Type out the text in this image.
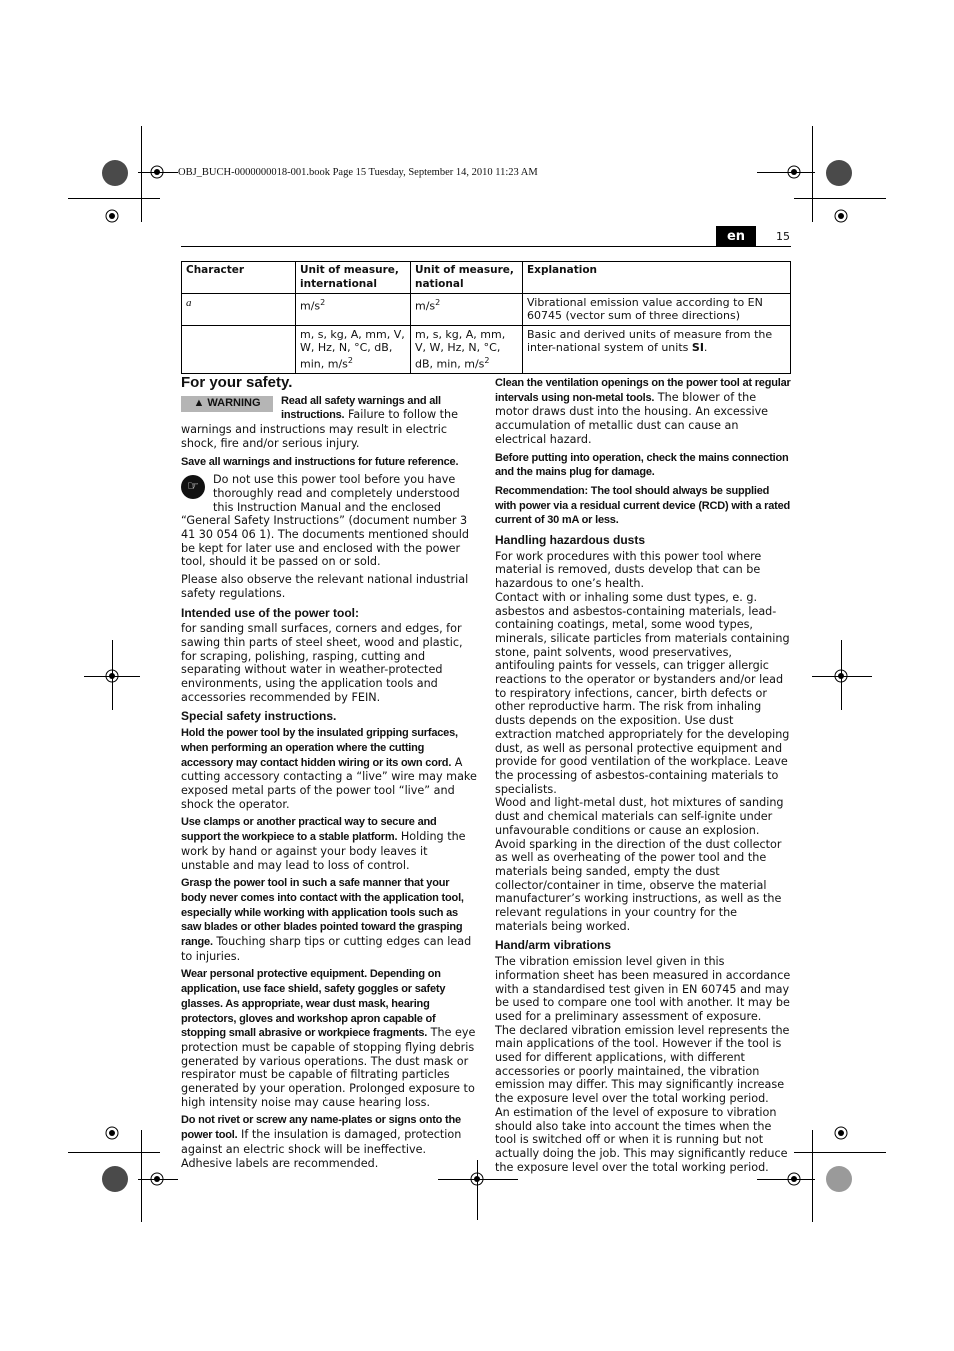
OBJ_BUCH-0000000018-001.book Page 15 Tuesday, September 14, 2010 11:23 AM
en	15
Character	Unit of measure, international	Unit of measure, national	Explanation
a	$m/s^2$	$m/s^2$	Vibrational emission value according to EN 60745 (vector sum of three directions)
	m, s, kg, A, mm, V, W, Hz, N, °C, dB, min, $m/s^2$	m, s, kg, A, mm, V, W, Hz, N, °C, dB, min, $m/s^2$	Basic and derived units of measure from the inter-national system of units SI.
For your safety.

▲ WARNING Read all safety warnings and all instructions. Failure to follow the warnings and instructions may result in electric shock, fire and/or serious injury.

Save all warnings and instructions for future reference.

☞	Do not use this power tool before you have thoroughly read and completely understood this Instruction Manual and the enclosed “General Safety Instructions” (document number 3 41 30 054 06 1). The documents mentioned should be kept for later use and enclosed with the power tool, should it be passed on or sold.

Please also observe the relevant national industrial safety regulations.

Intended use of the power tool:

for sanding small surfaces, corners and edges, for sawing thin parts of steel sheet, wood and plastic, for scraping, polishing, rasping, cutting and separating without water in weather-protected environments, using the application tools and accessories recommended by FEIN.

Special safety instructions.

Hold the power tool by the insulated gripping surfaces, when performing an operation where the cutting accessory may contact hidden wiring or its own cord. A cutting accessory contacting a “live” wire may make exposed metal parts of the power tool “live” and shock the operator.

Use clamps or another practical way to secure and support the workpiece to a stable platform. Holding the work by hand or against your body leaves it unstable and may lead to loss of control.

Grasp the power tool in such a safe manner that your body never comes into contact with the application tool, especially while working with application tools such as saw blades or other blades pointed toward the grasping range. Touching sharp tips or cutting edges can lead to injuries.

Wear personal protective equipment. Depending on application, use face shield, safety goggles or safety glasses. As appropriate, wear dust mask, hearing protectors, gloves and workshop apron capable of stopping small abrasive or workpiece fragments. The eye protection must be capable of stopping flying debris generated by various operations. The dust mask or respirator must be capable of filtrating particles generated by your operation. Prolonged exposure to high intensity noise may cause hearing loss.

Do not rivet or screw any name-plates or signs onto the power tool. If the insulation is damaged, protection against an electric shock will be ineffective. Adhesive labels are recommended.

Clean the ventilation openings on the power tool at regular intervals using non-metal tools. The blower of the motor draws dust into the housing. An excessive accumulation of metallic dust can cause an electrical hazard.

Before putting into operation, check the mains connection and the mains plug for damage.

Recommendation: The tool should always be supplied with power via a residual current device (RCD) with a rated current of 30 mA or less.

Handling hazardous dusts

For work procedures with this power tool where material is removed, dusts develop that can be hazardous to one’s health.

Contact with or inhaling some dust types, e. g. asbestos and asbestos-containing materials, lead-containing coatings, metal, some wood types, minerals, silicate particles from materials containing stone, paint solvents, wood preservatives, antifouling paints for vessels, can trigger allergic reactions to the operator or bystanders and/or lead to respiratory infections, cancer, birth defects or other reproductive harm. The risk from inhaling dusts depends on the exposition. Use dust extraction matched appropriately for the developing dust, as well as personal protective equipment and provide for good ventilation of the workplace. Leave the processing of asbestos-containing materials to specialists.

Wood and light-metal dust, hot mixtures of sanding dust and chemical materials can self-ignite under unfavourable conditions or cause an explosion. Avoid sparking in the direction of the dust collector as well as overheating of the power tool and the materials being sanded, empty the dust collector/container in time, observe the material manufacturer’s working instructions, as well as the relevant regulations in your country for the materials being worked.

Hand/arm vibrations

The vibration emission level given in this information sheet has been measured in accordance with a standardised test given in EN 60745 and may be used to compare one tool with another. It may be used for a preliminary assessment of exposure.

The declared vibration emission level represents the main applications of the tool. However if the tool is used for different applications, with different accessories or poorly maintained, the vibration emission may differ. This may significantly increase the exposure level over the total working period.

An estimation of the level of exposure to vibration should also take into account the times when the tool is switched off or when it is running but not actually doing the job. This may significantly reduce the exposure level over the total working period.
